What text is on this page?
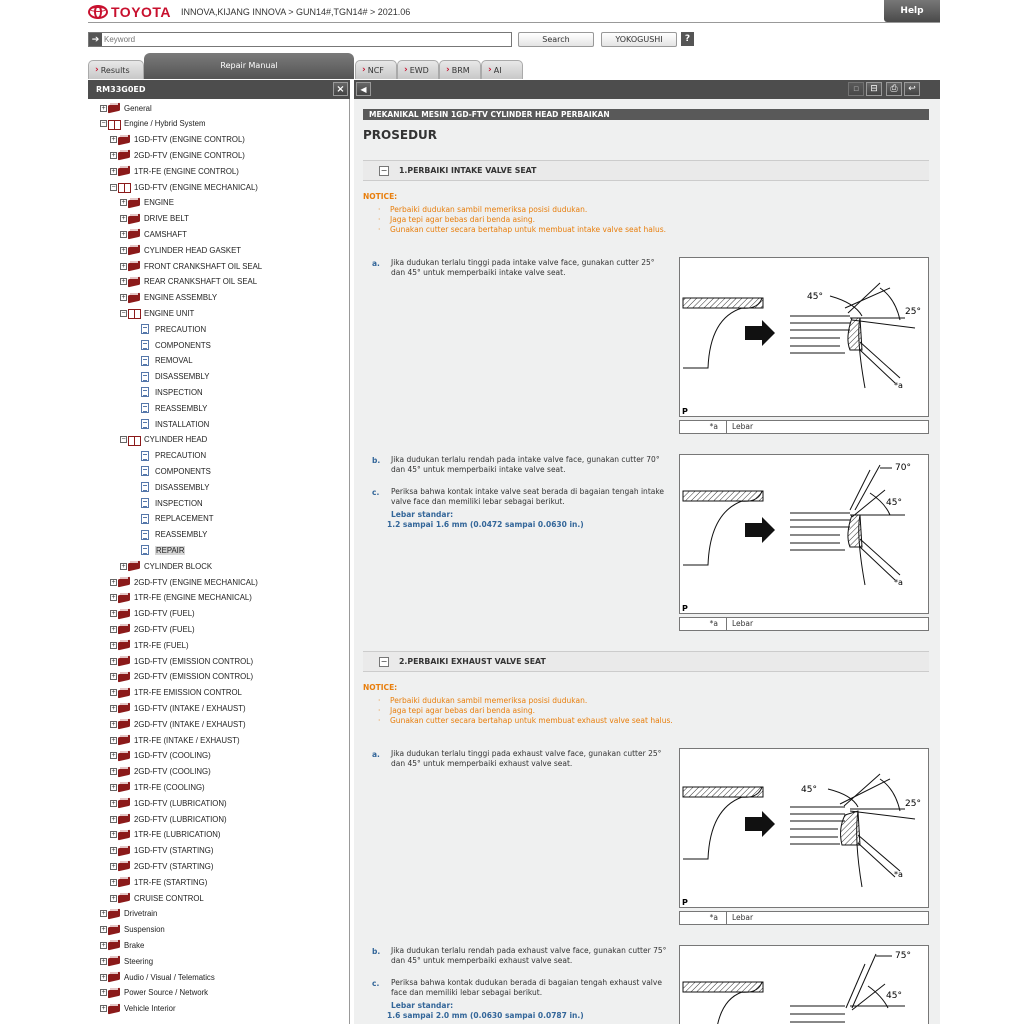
TOYOTA INNOVA,KIJANG INNOVA > GUN14#,TGN14# > 2021.06	Help
➔
Keyword	Search	YOKOGUSHI	?
› Results	Repair Manual	› NCF › EWD › BRM › AI
RM33G0ED	×	◀	▫	⊟	⎙	↩
+ General
− Engine / Hybrid System
+ 1GD-FTV (ENGINE CONTROL)
+ 2GD-FTV (ENGINE CONTROL)
+ 1TR-FE (ENGINE CONTROL)
− 1GD-FTV (ENGINE MECHANICAL)
+ ENGINE
+ DRIVE BELT
+ CAMSHAFT
+ CYLINDER HEAD GASKET
+ FRONT CRANKSHAFT OIL SEAL
+ REAR CRANKSHAFT OIL SEAL
+ ENGINE ASSEMBLY
− ENGINE UNIT
PRECAUTION
COMPONENTS
REMOVAL
DISASSEMBLY
INSPECTION
REASSEMBLY
INSTALLATION
− CYLINDER HEAD
PRECAUTION
COMPONENTS
DISASSEMBLY
INSPECTION
REPLACEMENT
REASSEMBLY
REPAIR
+ CYLINDER BLOCK
+ 2GD-FTV (ENGINE MECHANICAL)
+ 1TR-FE (ENGINE MECHANICAL)
+ 1GD-FTV (FUEL)
+ 2GD-FTV (FUEL)
+ 1TR-FE (FUEL)
+ 1GD-FTV (EMISSION CONTROL)
+ 2GD-FTV (EMISSION CONTROL)
+ 1TR-FE EMISSION CONTROL
+ 1GD-FTV (INTAKE / EXHAUST)
+ 2GD-FTV (INTAKE / EXHAUST)
+ 1TR-FE (INTAKE / EXHAUST)
+ 1GD-FTV (COOLING)
+ 2GD-FTV (COOLING)
+ 1TR-FE (COOLING)
+ 1GD-FTV (LUBRICATION)
+ 2GD-FTV (LUBRICATION)
+ 1TR-FE (LUBRICATION)
+ 1GD-FTV (STARTING)
+ 2GD-FTV (STARTING)
+ 1TR-FE (STARTING)
+ CRUISE CONTROL
+ Drivetrain
+ Suspension
+ Brake
+ Steering
+ Audio / Visual / Telematics
+ Power Source / Network
+ Vehicle Interior
MEKANIKAL MESIN 1GD-FTV CYLINDER HEAD PERBAIKAN
PROSEDUR
− 1.PERBAIKI INTAKE VALVE SEAT
NOTICE:
· Perbaiki dudukan sambil memeriksa posisi dudukan.
· Jaga tepi agar bebas dari benda asing.
· Gunakan cutter secara bertahap untuk membuat intake valve seat halus.
a. Jika dudukan terlalu tinggi pada intake valve face, gunakan cutter 25° dan 45° untuk memperbaiki intake valve seat.
45°
25°
*a
P
*a	Lebar
b. Jika dudukan terlalu rendah pada intake valve face, gunakan cutter 70° dan 45° untuk memperbaiki intake valve seat.
c. Periksa bahwa kontak intake valve seat berada di bagaian tengah intake valve face dan memiliki lebar sebagai berikut.
Lebar standar:
1.2 sampai 1.6 mm (0.0472 sampai 0.0630 in.)
70°
45°
*a
P
*a	Lebar
− 2.PERBAIKI EXHAUST VALVE SEAT
NOTICE:
· Perbaiki dudukan sambil memeriksa posisi dudukan.
· Jaga tepi agar bebas dari benda asing.
· Gunakan cutter secara bertahap untuk membuat exhaust valve seat halus.
a. Jika dudukan terlalu tinggi pada exhaust valve face, gunakan cutter 25° dan 45° untuk memperbaiki exhaust valve seat.
45°
25°
*a
P
*a	Lebar
b. Jika dudukan terlalu rendah pada exhaust valve face, gunakan cutter 75° dan 45° untuk memperbaiki exhaust valve seat.
c. Periksa bahwa kontak dudukan berada di bagaian tengah exhaust valve face dan memiliki lebar sebagai berikut.
Lebar standar:
1.6 sampai 2.0 mm (0.0630 sampai 0.0787 in.)
75°
45°
